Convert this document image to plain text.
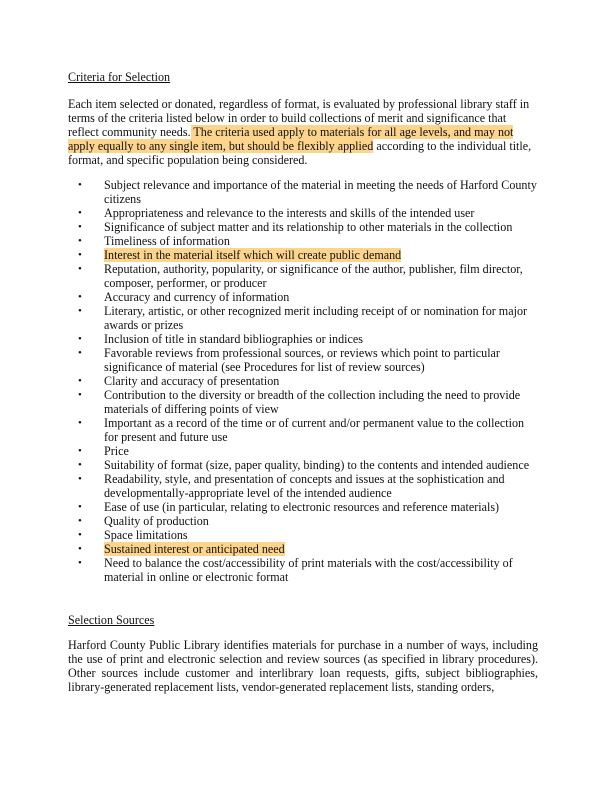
Criteria for Selection
Each item selected or donated, regardless of format, is evaluated by professional library staff in terms of the criteria listed below in order to build collections of merit and significance that reflect community needs. The criteria used apply to materials for all age levels, and may not apply equally to any single item, but should be flexibly applied according to the individual title, format, and specific population being considered.
• Subject relevance and importance of the material in meeting the needs of Harford County citizens
• Appropriateness and relevance to the interests and skills of the intended user
• Significance of subject matter and its relationship to other materials in the collection
• Timeliness of information
• Interest in the material itself which will create public demand
• Reputation, authority, popularity, or significance of the author, publisher, film director, composer, performer, or producer
• Accuracy and currency of information
• Literary, artistic, or other recognized merit including receipt of or nomination for major awards or prizes
• Inclusion of title in standard bibliographies or indices
• Favorable reviews from professional sources, or reviews which point to particular significance of material (see Procedures for list of review sources)
• Clarity and accuracy of presentation
• Contribution to the diversity or breadth of the collection including the need to provide materials of differing points of view
• Important as a record of the time or of current and/or permanent value to the collection for present and future use
• Price
• Suitability of format (size, paper quality, binding) to the contents and intended audience
• Readability, style, and presentation of concepts and issues at the sophistication and developmentally-appropriate level of the intended audience
• Ease of use (in particular, relating to electronic resources and reference materials)
• Quality of production
• Space limitations
• Sustained interest or anticipated need
• Need to balance the cost/accessibility of print materials with the cost/accessibility of material in online or electronic format
Selection Sources
Harford County Public Library identifies materials for purchase in a number of ways, including the use of print and electronic selection and review sources (as specified in library procedures). Other sources include customer and interlibrary loan requests, gifts, subject bibliographies, library-generated replacement lists, vendor-generated replacement lists, standing orders,
